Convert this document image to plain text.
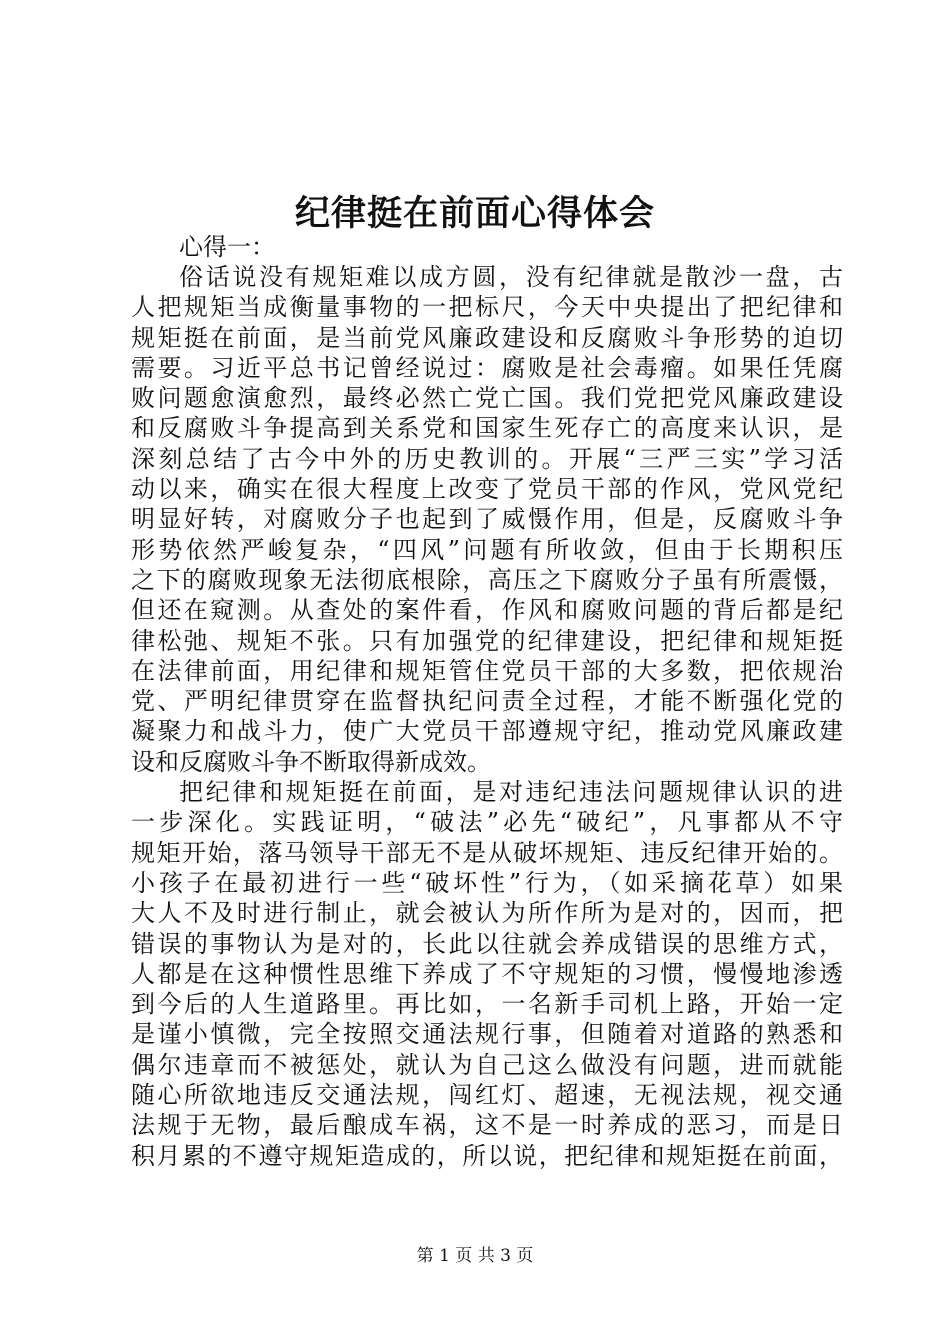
纪律挺在前面心得体会

心得一：

俗话说没有规矩难以成方圆，没有纪律就是散沙一盘，古
人把规矩当成衡量事物的一把标尺，今天中央提出了把纪律和
规矩挺在前面，是当前党风廉政建设和反腐败斗争形势的迫切
需要。习近平总书记曾经说过：腐败是社会毒瘤。如果任凭腐
败问题愈演愈烈，最终必然亡党亡国。我们党把党风廉政建设
和反腐败斗争提高到关系党和国家生死存亡的高度来认识，是
深刻总结了古今中外的历史教训的。开展“三严三实”学习活
动以来，确实在很大程度上改变了党员干部的作风，党风党纪
明显好转，对腐败分子也起到了威慑作用，但是，反腐败斗争
形势依然严峻复杂，“四风”问题有所收敛，但由于长期积压
之下的腐败现象无法彻底根除，高压之下腐败分子虽有所震慑，
但还在窥测。从查处的案件看，作风和腐败问题的背后都是纪
律松弛、规矩不张。只有加强党的纪律建设，把纪律和规矩挺
在法律前面，用纪律和规矩管住党员干部的大多数，把依规治
党、严明纪律贯穿在监督执纪问责全过程，才能不断强化党的
凝聚力和战斗力，使广大党员干部遵规守纪，推动党风廉政建
设和反腐败斗争不断取得新成效。
把纪律和规矩挺在前面，是对违纪违法问题规律认识的进
一步深化。实践证明，“破法”必先“破纪”，凡事都从不守
规矩开始，落马领导干部无不是从破坏规矩、违反纪律开始的。
小孩子在最初进行一些“破坏性”行为，（如采摘花草）如果
大人不及时进行制止，就会被认为所作所为是对的，因而，把
错误的事物认为是对的，长此以往就会养成错误的思维方式，
人都是在这种惯性思维下养成了不守规矩的习惯，慢慢地渗透
到今后的人生道路里。再比如，一名新手司机上路，开始一定
是谨小慎微，完全按照交通法规行事，但随着对道路的熟悉和
偶尔违章而不被惩处，就认为自己这么做没有问题，进而就能
随心所欲地违反交通法规，闯红灯、超速，无视法规，视交通
法规于无物，最后酿成车祸，这不是一时养成的恶习，而是日
积月累的不遵守规矩造成的，所以说，把纪律和规矩挺在前面，
第 1 页 共 3 页
